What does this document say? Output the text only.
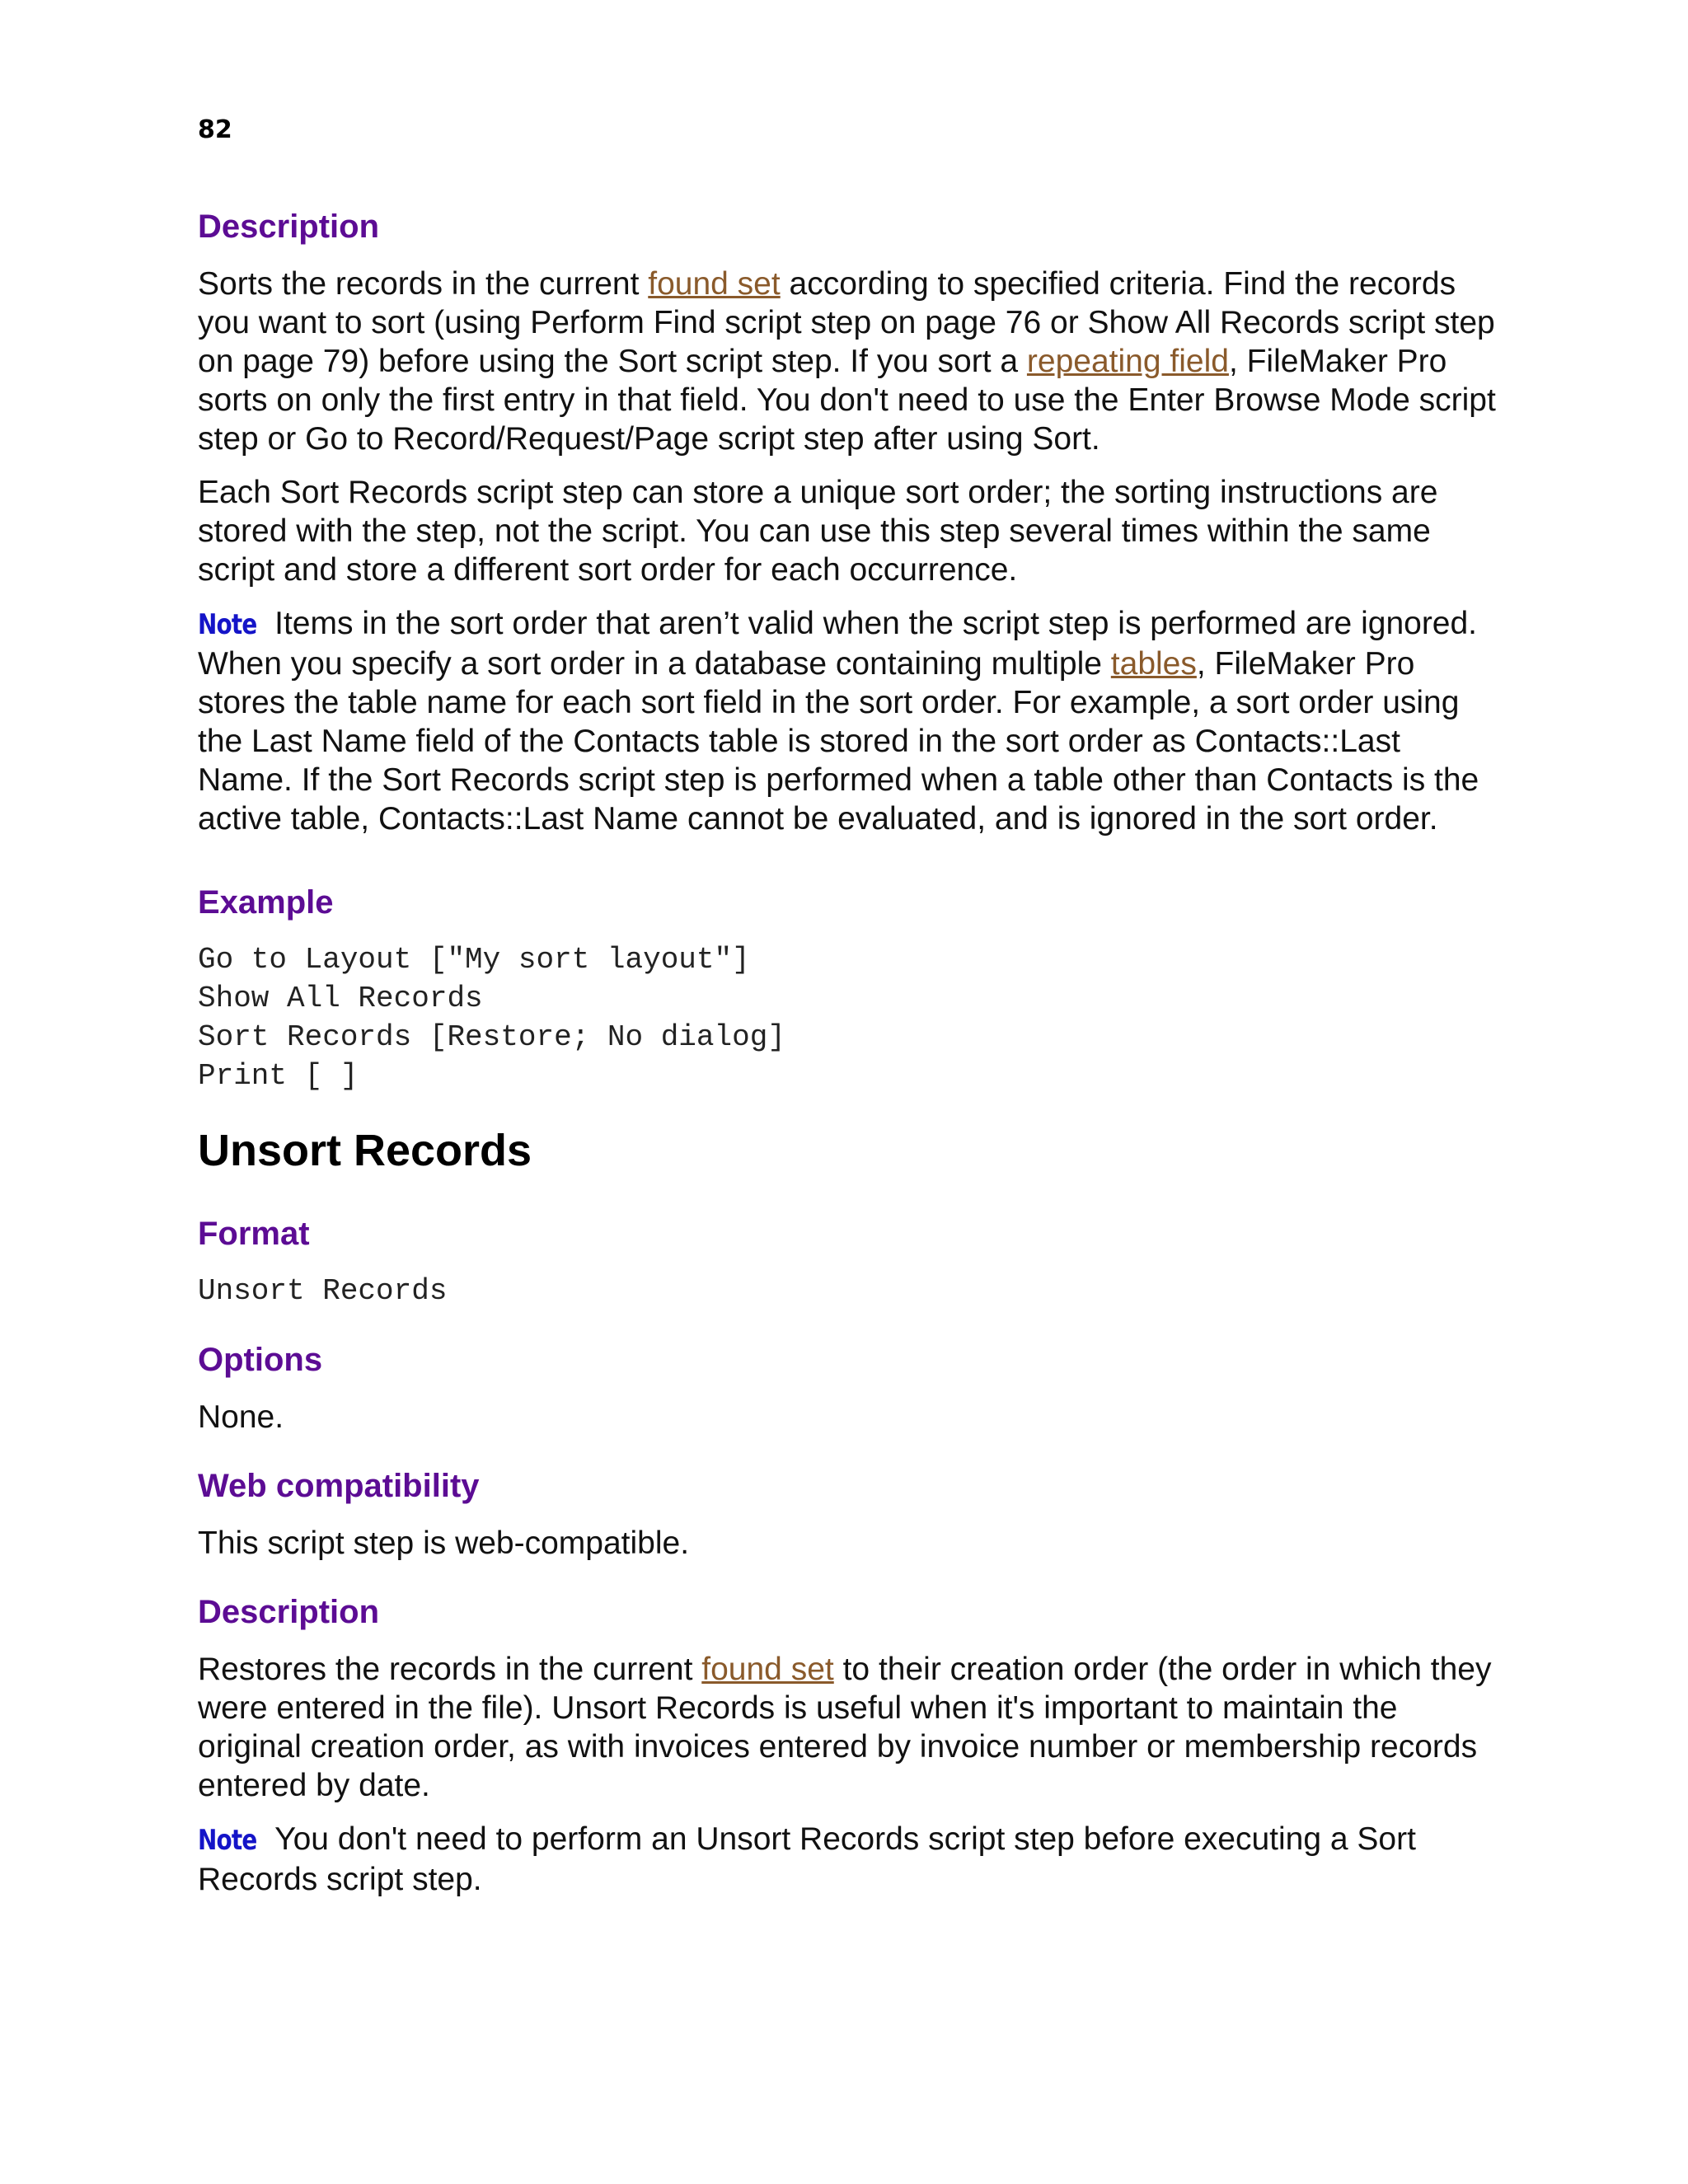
82
Description

Sorts the records in the current found set according to specified criteria. Find the records you want to sort (using Perform Find script step on page 76 or Show All Records script step on page 79) before using the Sort script step. If you sort a repeating field, FileMaker Pro sorts on only the first entry in that field. You don't need to use the Enter Browse Mode script step or Go to Record/Request/Page script step after using Sort.

Each Sort Records script step can store a unique sort order; the sorting instructions are stored with the step, not the script. You can use this step several times within the same script and store a different sort order for each occurrence.

Note Items in the sort order that aren’t valid when the script step is performed are ignored. When you specify a sort order in a database containing multiple tables, FileMaker Pro stores the table name for each sort field in the sort order. For example, a sort order using the Last Name field of the Contacts table is stored in the sort order as Contacts::Last Name. If the Sort Records script step is performed when a table other than Contacts is the active table, Contacts::Last Name cannot be evaluated, and is ignored in the sort order.

Example
Go to Layout ["My sort layout"]
Show All Records
Sort Records [Restore; No dialog]
Print [ ]
Unsort Records
Format
Unsort Records
Options

None.

Web compatibility

This script step is web-compatible.

Description

Restores the records in the current found set to their creation order (the order in which they were entered in the file). Unsort Records is useful when it's important to maintain the original creation order, as with invoices entered by invoice number or membership records entered by date.

Note You don't need to perform an Unsort Records script step before executing a Sort Records script step.
